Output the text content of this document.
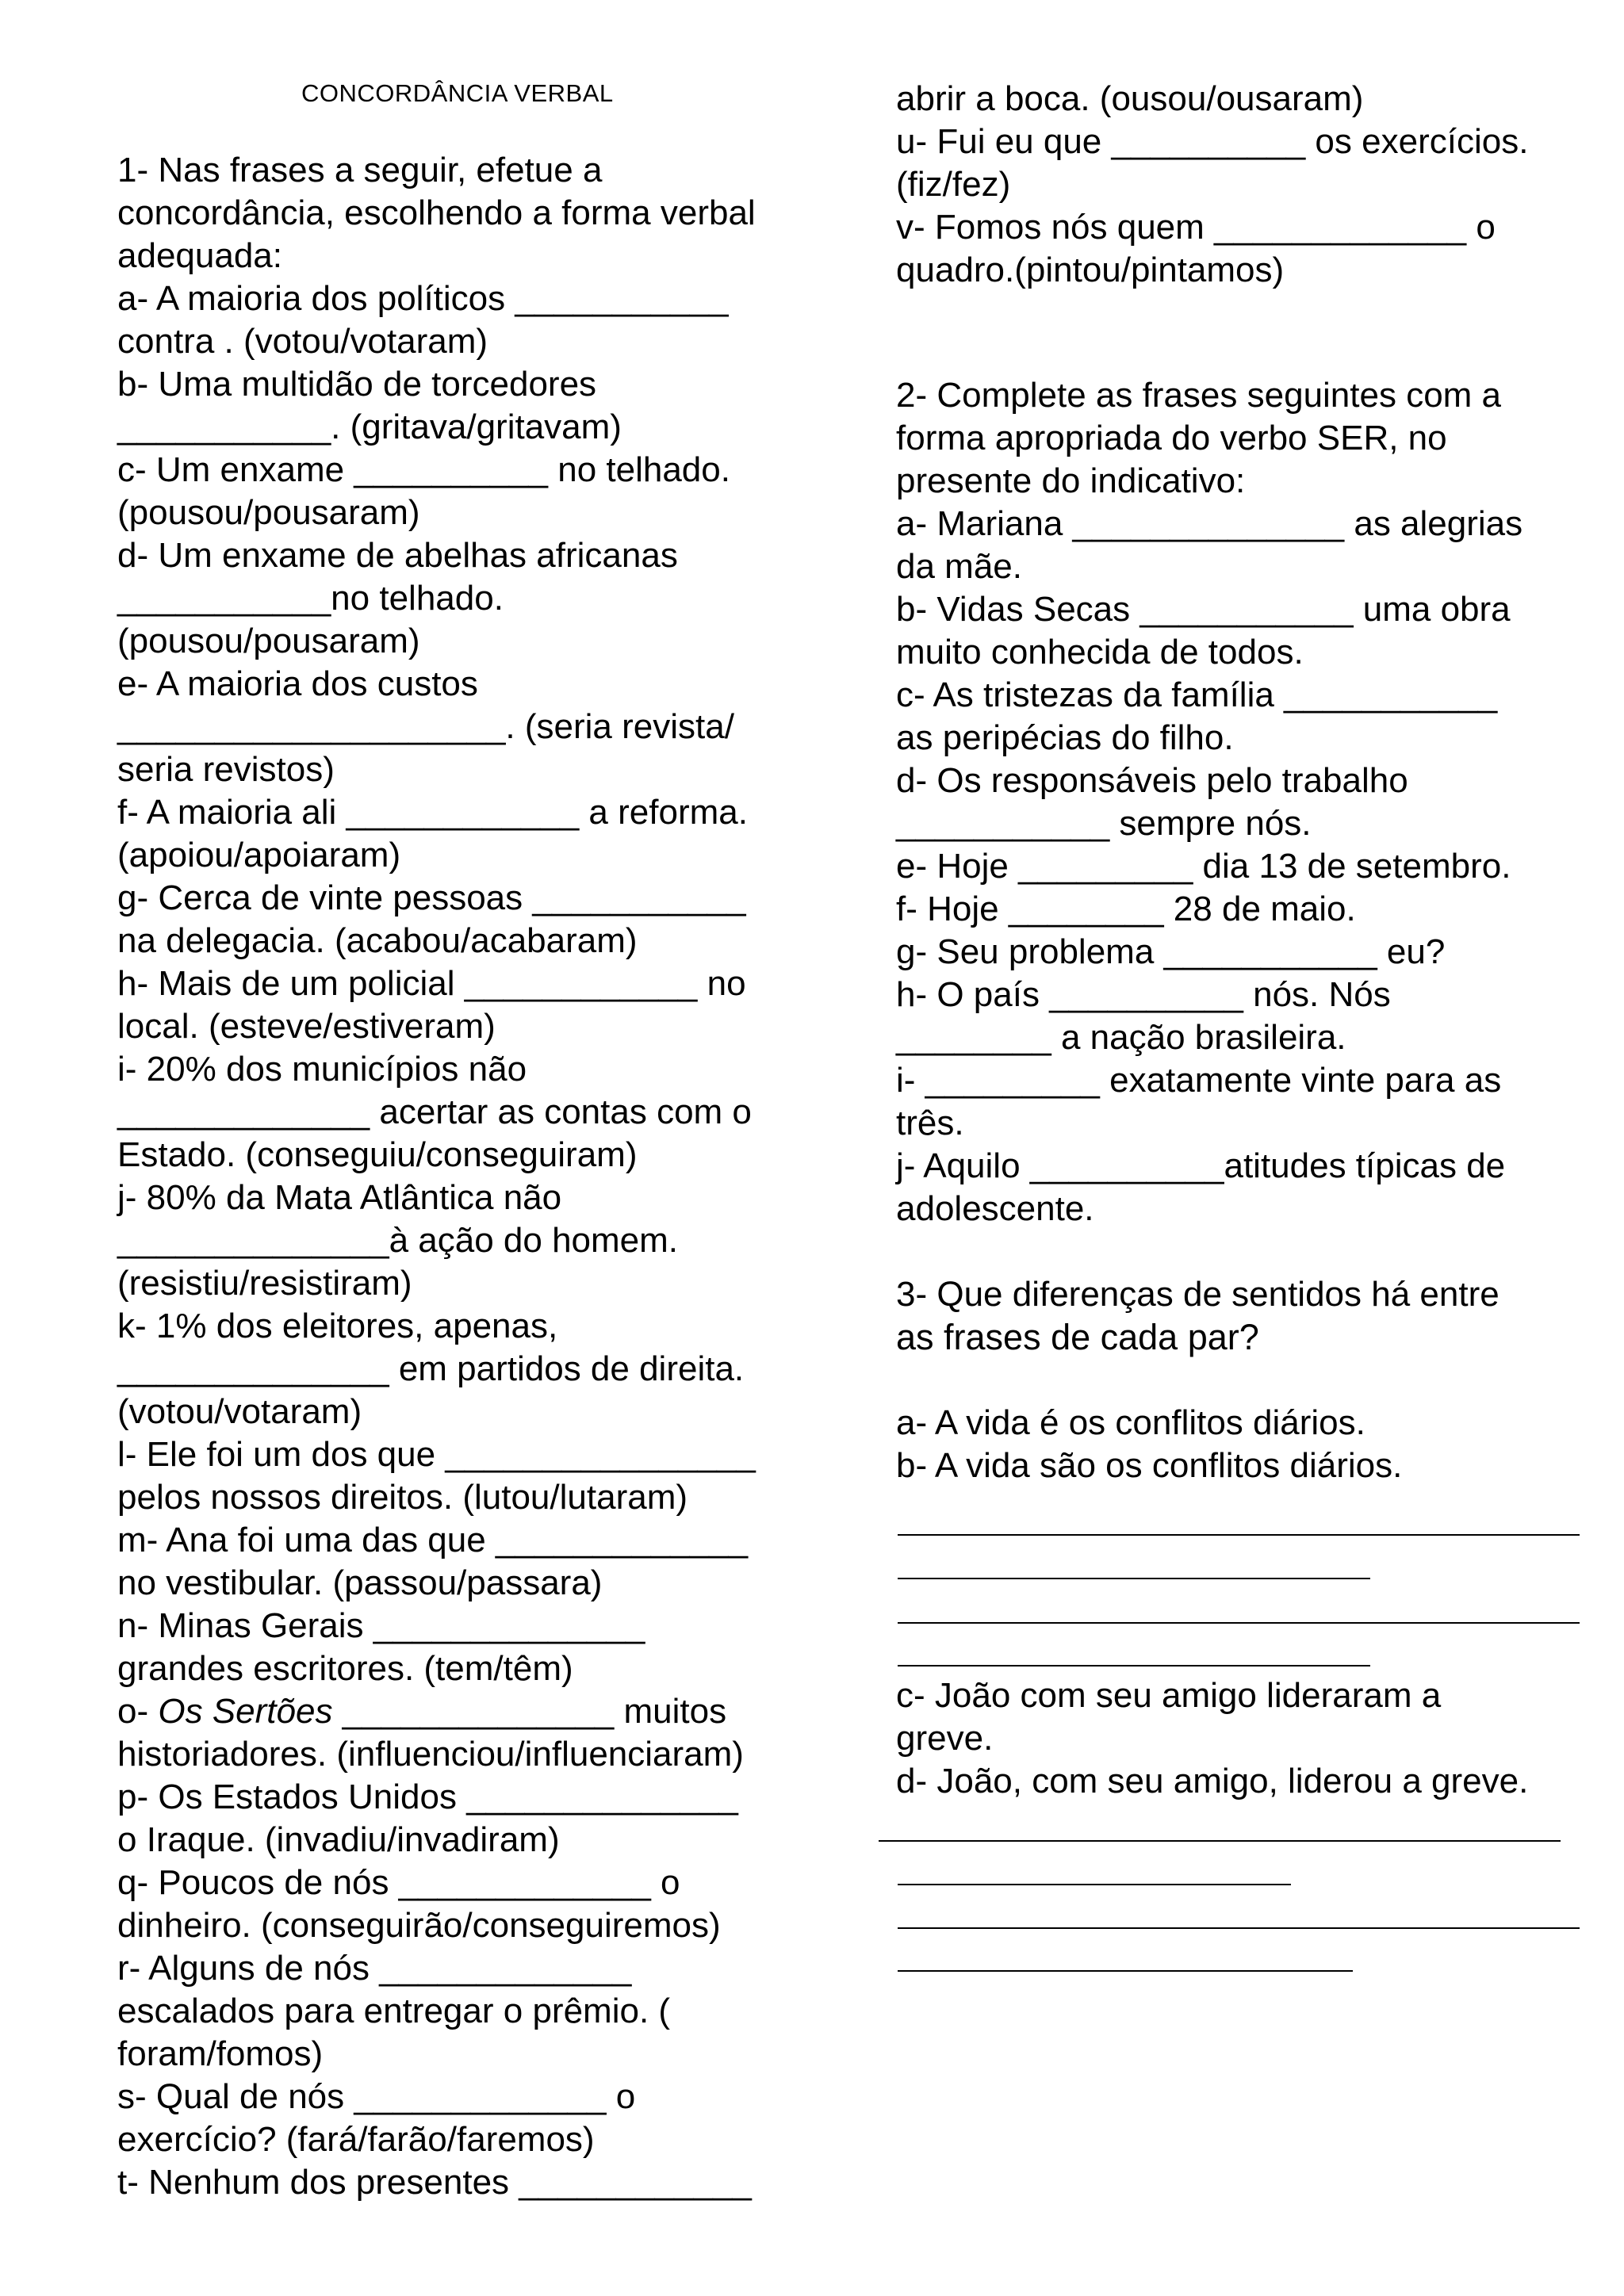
CONCORDÂNCIA VERBAL
1- Nas frases a seguir, efetue a
concordância, escolhendo a forma verbal
adequada:
a- A maioria dos políticos ___________
contra . (votou/votaram)
b- Uma multidão de torcedores
___________. (gritava/gritavam)
c- Um enxame __________ no telhado.
(pousou/pousaram)
d- Um enxame de abelhas africanas
___________no telhado.
(pousou/pousaram)
e- A maioria dos custos
____________________. (seria revista/
seria revistos)
f- A maioria ali ____________ a reforma.
(apoiou/apoiaram)
g- Cerca de vinte pessoas ___________
na delegacia. (acabou/acabaram)
h- Mais de um policial ____________ no
local. (esteve/estiveram)
i- 20% dos municípios não
_____________ acertar as contas com o
Estado. (conseguiu/conseguiram)
j- 80% da Mata Atlântica não
______________à ação do homem.
(resistiu/resistiram)
k- 1% dos eleitores, apenas,
______________ em partidos de direita.
(votou/votaram)
l- Ele foi um dos que ________________
pelos nossos direitos. (lutou/lutaram)
m- Ana foi uma das que _____________
no vestibular. (passou/passara)
n- Minas Gerais ______________
grandes escritores. (tem/têm)
o- Os Sertões ______________ muitos
historiadores. (influenciou/influenciaram)
p- Os Estados Unidos ______________
o Iraque. (invadiu/invadiram)
q- Poucos de nós _____________ o
dinheiro. (conseguirão/conseguiremos)
r- Alguns de nós _____________
escalados para entregar o prêmio. (
foram/fomos)
s- Qual de nós _____________ o
exercício? (fará/farão/faremos)
t- Nenhum dos presentes ____________
abrir a boca. (ousou/ousaram)
u- Fui eu que __________ os exercícios.
(fiz/fez)
v- Fomos nós quem _____________ o
quadro.(pintou/pintamos)
2- Complete as frases seguintes com a
forma apropriada do verbo SER, no
presente do indicativo:
a- Mariana ______________ as alegrias
da mãe.
b- Vidas Secas ___________ uma obra
muito conhecida de todos.
c- As tristezas da família ___________
as peripécias do filho.
d- Os responsáveis pelo trabalho
___________ sempre nós.
e- Hoje _________ dia 13 de setembro.
f- Hoje ________ 28 de maio.
g- Seu problema ___________ eu?
h- O país __________ nós. Nós
________ a nação brasileira.
i- _________ exatamente vinte para as
três.
j- Aquilo __________atitudes típicas de
adolescente.
3- Que diferenças de sentidos há entre
as frases de cada par?
a- A vida é os conflitos diários.
b- A vida são os conflitos diários.
c- João com seu amigo lideraram a
greve.
d- João, com seu amigo, liderou a greve.
